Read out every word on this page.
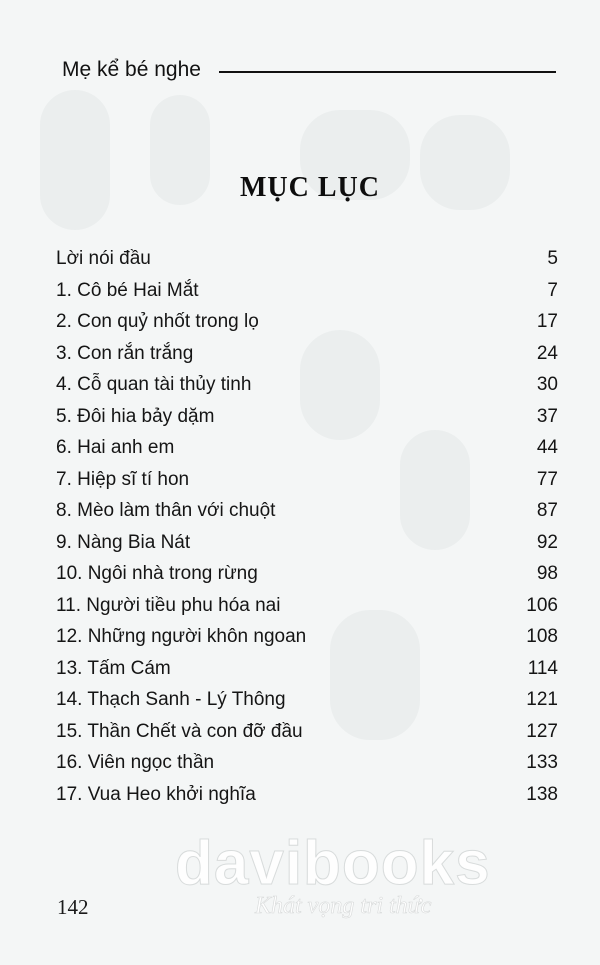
Mẹ kể bé nghe
MỤC LỤC
Lời nói đầu	5
1. Cô bé Hai Mắt	7
2. Con quỷ nhốt trong lọ	17
3. Con rắn trắng	24
4. Cỗ quan tài thủy tinh	30
5. Đôi hia bảy dặm	37
6. Hai anh em	44
7. Hiệp sĩ tí hon	77
8. Mèo làm thân với chuột	87
9. Nàng Bia Nát	92
10. Ngôi nhà trong rừng	98
11. Người tiều phu hóa nai	106
12. Những người khôn ngoan	108
13. Tấm Cám	114
14. Thạch Sanh - Lý Thông	121
15. Thần Chết và con đỡ đầu	127
16. Viên ngọc thần	133
17. Vua Heo khởi nghĩa	138
142
davibooks
Khát vọng tri thức
